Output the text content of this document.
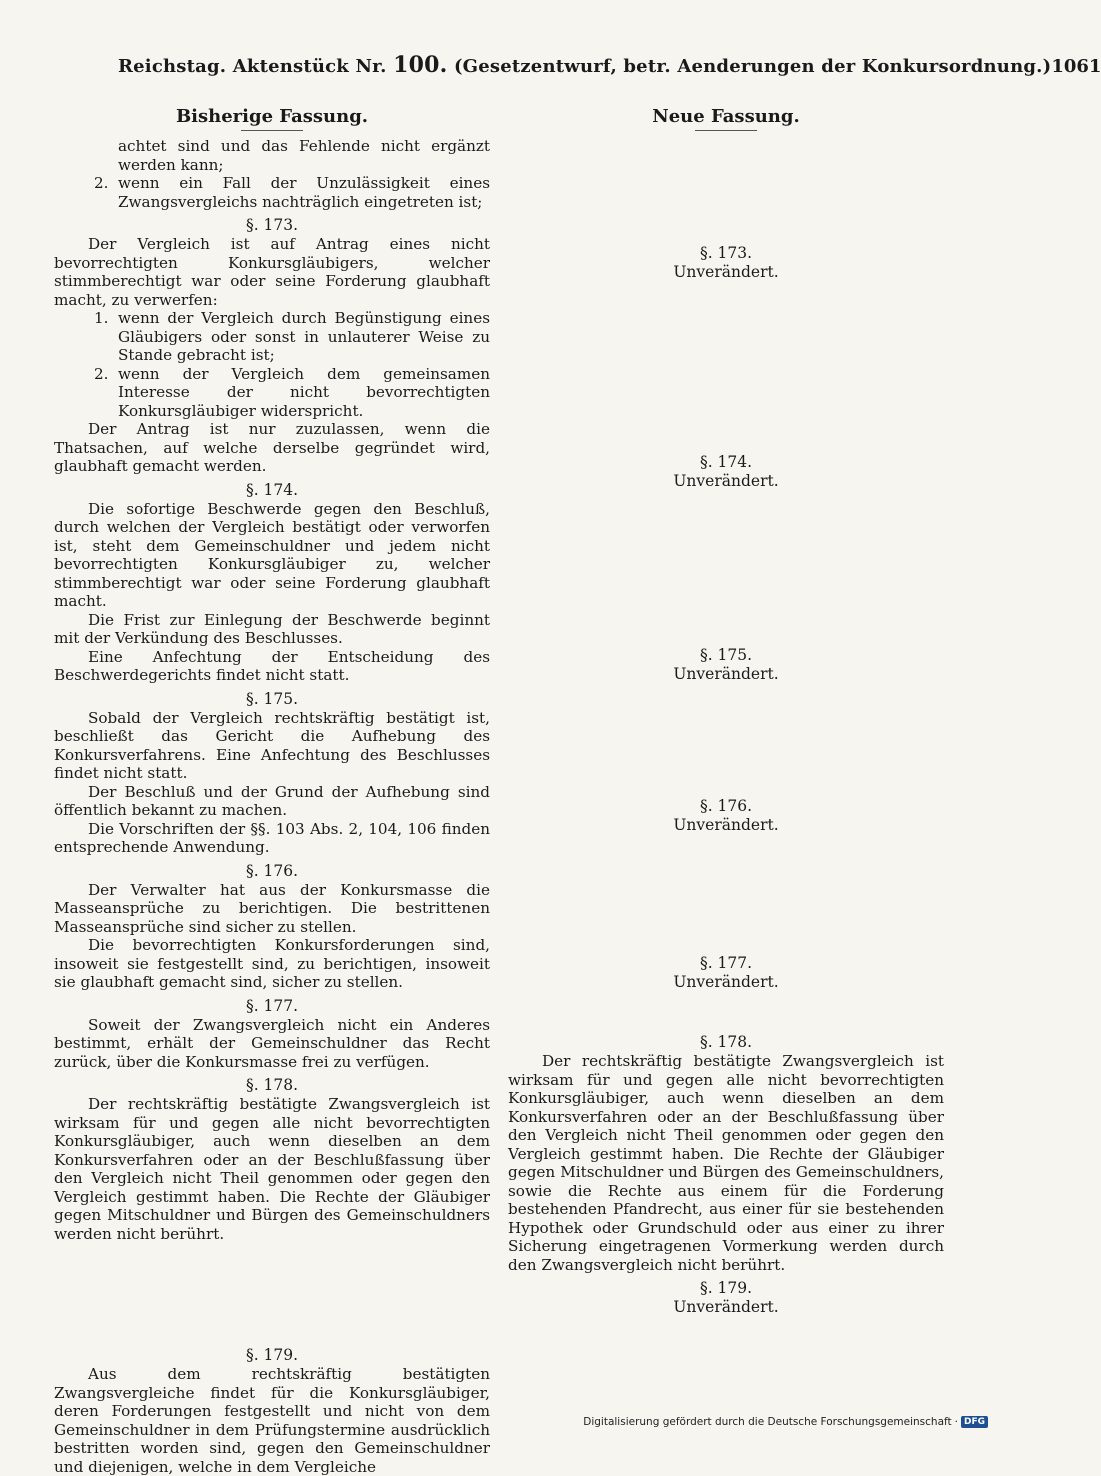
Reichstag. Aktenstück Nr. 100. (Gesetzentwurf, betr. Aenderungen der Konkursordnung.) 1061
Bisherige Fassung.
achtet sind und das Fehlende nicht ergänzt werden kann;
2. wenn ein Fall der Unzulässigkeit eines Zwangsvergleichs nachträglich eingetreten ist;
§. 173.
Der Vergleich ist auf Antrag eines nicht bevorrechtigten Konkursgläubigers, welcher stimmberechtigt war oder seine Forderung glaubhaft macht, zu verwerfen:
1. wenn der Vergleich durch Begünstigung eines Gläubigers oder sonst in unlauterer Weise zu Stande gebracht ist;
2. wenn der Vergleich dem gemeinsamen Interesse der nicht bevorrechtigten Konkursgläubiger widerspricht.
Der Antrag ist nur zuzulassen, wenn die Thatsachen, auf welche derselbe gegründet wird, glaubhaft gemacht werden.
§. 174.
Die sofortige Beschwerde gegen den Beschluß, durch welchen der Vergleich bestätigt oder verworfen ist, steht dem Gemeinschuldner und jedem nicht bevorrechtigten Konkursgläubiger zu, welcher stimmberechtigt war oder seine Forderung glaubhaft macht.
Die Frist zur Einlegung der Beschwerde beginnt mit der Verkündung des Beschlusses.
Eine Anfechtung der Entscheidung des Beschwerdegerichts findet nicht statt.
§. 175.
Sobald der Vergleich rechtskräftig bestätigt ist, beschließt das Gericht die Aufhebung des Konkursverfahrens. Eine Anfechtung des Beschlusses findet nicht statt.
Der Beschluß und der Grund der Aufhebung sind öffentlich bekannt zu machen.
Die Vorschriften der §§. 103 Abs. 2, 104, 106 finden entsprechende Anwendung.
§. 176.
Der Verwalter hat aus der Konkursmasse die Masseansprüche zu berichtigen. Die bestrittenen Masseansprüche sind sicher zu stellen.
Die bevorrechtigten Konkursforderungen sind, insoweit sie festgestellt sind, zu berichtigen, insoweit sie glaubhaft gemacht sind, sicher zu stellen.
§. 177.
Soweit der Zwangsvergleich nicht ein Anderes bestimmt, erhält der Gemeinschuldner das Recht zurück, über die Konkursmasse frei zu verfügen.
§. 178.
Der rechtskräftig bestätigte Zwangsvergleich ist wirksam für und gegen alle nicht bevorrechtigten Konkursgläubiger, auch wenn dieselben an dem Konkursverfahren oder an der Beschlußfassung über den Vergleich nicht Theil genommen oder gegen den Vergleich gestimmt haben. Die Rechte der Gläubiger gegen Mitschuldner und Bürgen des Gemeinschuldners werden nicht berührt.
§. 179.
Aus dem rechtskräftig bestätigten Zwangsvergleiche findet für die Konkursgläubiger, deren Forderungen festgestellt und nicht von dem Gemeinschuldner in dem Prüfungstermine ausdrücklich bestritten worden sind, gegen den Gemeinschuldner und diejenigen, welche in dem Vergleiche
Neue Fassung.
§. 173.
Unverändert.
§. 174.
Unverändert.
§. 175.
Unverändert.
§. 176.
Unverändert.
§. 177.
Unverändert.
§. 178.
Der rechtskräftig bestätigte Zwangsvergleich ist wirksam für und gegen alle nicht bevorrechtigten Konkursgläubiger, auch wenn dieselben an dem Konkursverfahren oder an der Beschlußfassung über den Vergleich nicht Theil genommen oder gegen den Vergleich gestimmt haben. Die Rechte der Gläubiger gegen Mitschuldner und Bürgen des Gemeinschuldners, sowie die Rechte aus einem für die Forderung bestehenden Pfandrecht, aus einer für sie bestehenden Hypothek oder Grundschuld oder aus einer zu ihrer Sicherung eingetragenen Vormerkung werden durch den Zwangsvergleich nicht berührt.
§. 179.
Unverändert.
Digitalisierung gefördert durch die Deutsche Forschungsgemeinschaft · DFG
